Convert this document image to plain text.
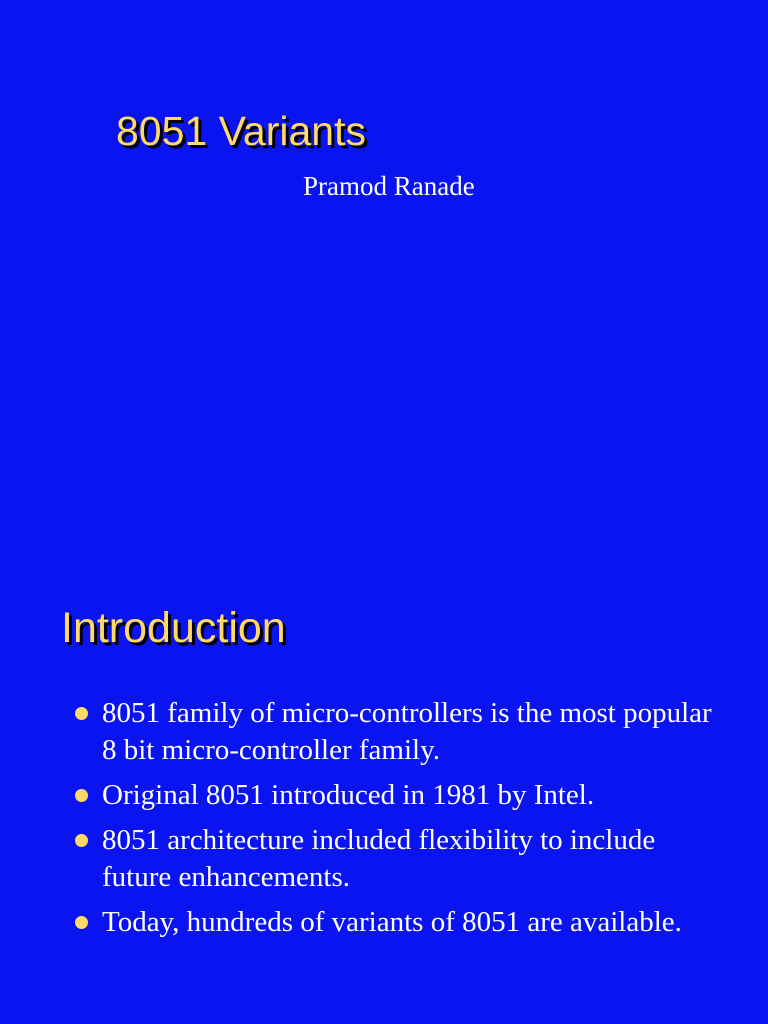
8051 Variants
Pramod Ranade
Introduction
8051 family of micro-controllers is the most popular 8 bit micro-controller family.
Original 8051 introduced in 1981 by Intel.
8051 architecture included flexibility to include future enhancements.
Today, hundreds of variants of 8051 are available.
